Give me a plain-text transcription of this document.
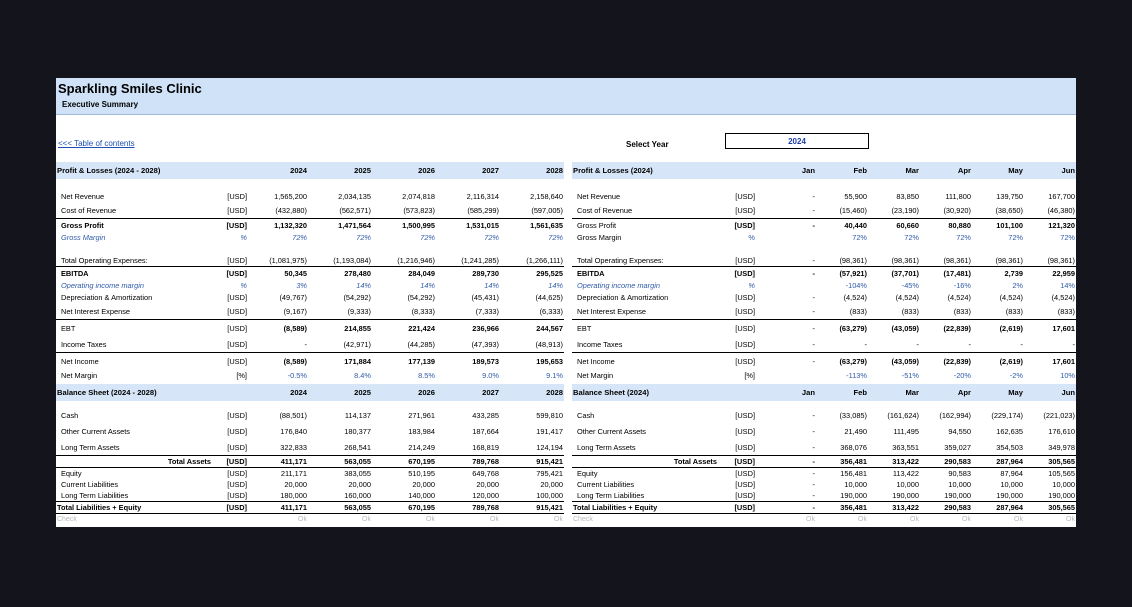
Sparkling Smiles Clinic
Executive Summary
<<< Table of contents	Select Year	2024
Profit & Losses (2024 - 2028)		2024	2025	2026	2027	2028

Net Revenue	[USD]	1,565,200	2,034,135	2,074,818	2,116,314	2,158,640
Cost of Revenue	[USD]	(432,880)	(562,571)	(573,823)	(585,299)	(597,005)
Gross Profit	[USD]	1,132,320	1,471,564	1,500,995	1,531,015	1,561,635
Gross Margin	%	72%	72%	72%	72%	72%

Total Operating Expenses:	[USD]	(1,081,975)	(1,193,084)	(1,216,946)	(1,241,285)	(1,266,111)
EBITDA	[USD]	50,345	278,480	284,049	289,730	295,525
Operating income margin	%	3%	14%	14%	14%	14%
Depreciation & Amortization	[USD]	(49,767)	(54,292)	(54,292)	(45,431)	(44,625)
Net Interest Expense	[USD]	(9,167)	(9,333)	(8,333)	(7,333)	(6,333)
EBT	[USD]	(8,589)	214,855	221,424	236,966	244,567
Income Taxes	[USD]	-	(42,971)	(44,285)	(47,393)	(48,913)
Net Income	[USD]	(8,589)	171,884	177,139	189,573	195,653
Net Margin	[%]	-0.5%	8.4%	8.5%	9.0%	9.1%
Profit & Losses (2024)		Jan	Feb	Mar	Apr	May	Jun

Net Revenue	[USD]	-	55,900	83,850	111,800	139,750	167,700
Cost of Revenue	[USD]	-	(15,460)	(23,190)	(30,920)	(38,650)	(46,380)
Gross Profit	[USD]	-	40,440	60,660	80,880	101,100	121,320
Gross Margin	%		72%	72%	72%	72%	72%

Total Operating Expenses:	[USD]	-	(98,361)	(98,361)	(98,361)	(98,361)	(98,361)
EBITDA	[USD]	-	(57,921)	(37,701)	(17,481)	2,739	22,959
Operating income margin	%		-104%	-45%	-16%	2%	14%
Depreciation & Amortization	[USD]	-	(4,524)	(4,524)	(4,524)	(4,524)	(4,524)
Net Interest Expense	[USD]	-	(833)	(833)	(833)	(833)	(833)
EBT	[USD]	-	(63,279)	(43,059)	(22,839)	(2,619)	17,601
Income Taxes	[USD]	-	-	-	-	-	-
Net Income	[USD]	-	(63,279)	(43,059)	(22,839)	(2,619)	17,601
Net Margin	[%]		-113%	-51%	-20%	-2%	10%
Balance Sheet (2024 - 2028)		2024	2025	2026	2027	2028

Cash	[USD]	(88,501)	114,137	271,961	433,285	599,810
Other Current Assets	[USD]	176,840	180,377	183,984	187,664	191,417
Long Term Assets	[USD]	322,833	268,541	214,249	168,819	124,194
Total Assets	[USD]	411,171	563,055	670,195	789,768	915,421
Equity	[USD]	211,171	383,055	510,195	649,768	795,421
Current Liabilities	[USD]	20,000	20,000	20,000	20,000	20,000
Long Term Liabilities	[USD]	180,000	160,000	140,000	120,000	100,000
Total Liabilities + Equity	[USD]	411,171	563,055	670,195	789,768	915,421
Check		Ok	Ok	Ok	Ok	Ok
Balance Sheet (2024)		Jan	Feb	Mar	Apr	May	Jun

Cash	[USD]	-	(33,085)	(161,624)	(162,994)	(229,174)	(221,023)
Other Current Assets	[USD]	-	21,490	111,495	94,550	162,635	176,610
Long Term Assets	[USD]	-	368,076	363,551	359,027	354,503	349,978
Total Assets	[USD]	-	356,481	313,422	290,583	287,964	305,565
Equity	[USD]	-	156,481	113,422	90,583	87,964	105,565
Current Liabilities	[USD]	-	10,000	10,000	10,000	10,000	10,000
Long Term Liabilities	[USD]	-	190,000	190,000	190,000	190,000	190,000
Total Liabilities + Equity	[USD]	-	356,481	313,422	290,583	287,964	305,565
Check		Ok	Ok	Ok	Ok	Ok	Ok
